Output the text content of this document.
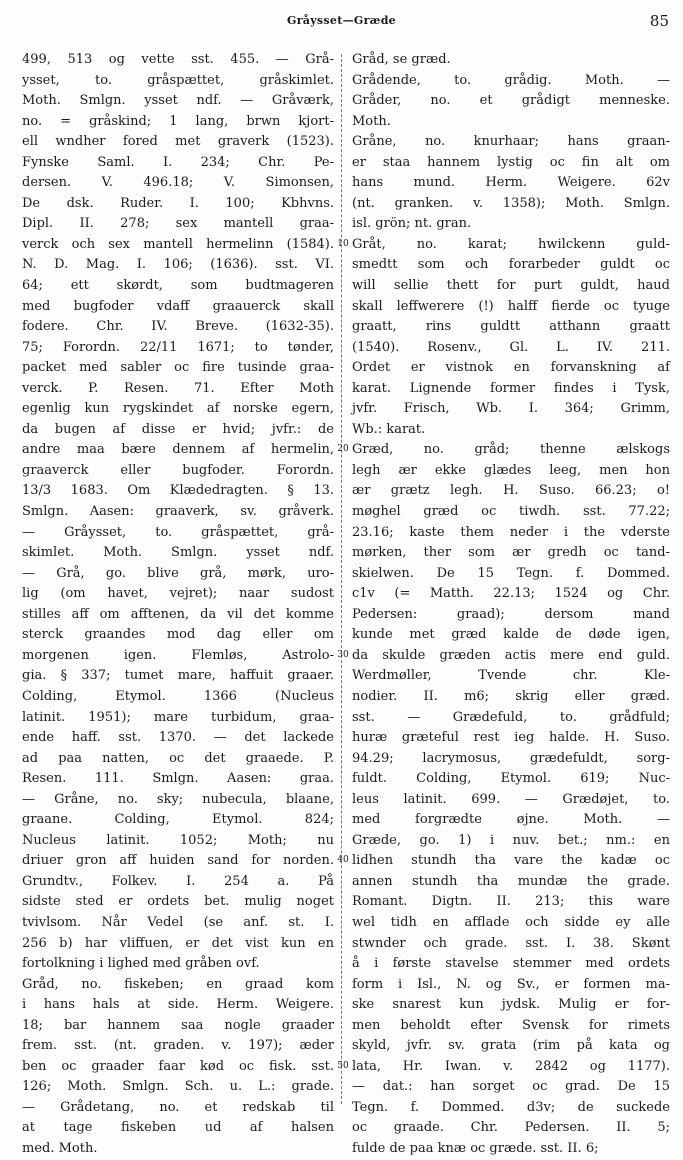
Gråysset—Græde	85
499, 513 og vette sst. 455. — Grå-
ysset, to. gråspættet, gråskimlet.
Moth. Smlgn. ysset ndf. — Gråværk,
no. = gråskind; 1 lang, brwn kjort-
ell wndher fored met graverk (1523).
Fynske Saml. I. 234; Chr. Pe-
dersen. V. 496.18; V. Simonsen,
De dsk. Ruder. I. 100; Kbhvns.
Dipl. II. 278; sex mantell graa-
verck och sex mantell hermelinn (1584).
N. D. Mag. I. 106; (1636). sst. VI.
64; ett skørdt, som budtmageren
med bugfoder vdaff graauerck skall
fodere. Chr. IV. Breve. (1632-35).
75; Forordn. 22/11 1671; to tønder,
packet med sabler oc fire tusinde graa-
verck. P. Resen. 71. Efter Moth
egenlig kun rygskindet af norske egern,
da bugen af disse er hvid; jvfr.: de
andre maa bære dennem af hermelin,
graaverck eller bugfoder. Forordn.
13/3 1683. Om Klædedragten. § 13.
Smlgn. Aasen: graaverk, sv. gråverk.
— Gråysset, to. gråspættet, grå-
skimlet. Moth. Smlgn. ysset ndf.
— Grå, go. blive grå, mørk, uro-
lig (om havet, vejret); naar sudost
stilles aff om afftenen, da vil det komme
sterck graandes mod dag eller om
morgenen igen. Flemløs, Astrolo-
gia. § 337; tumet mare, haffuit graaer.
Colding, Etymol. 1366 (Nucleus
latinit. 1951); mare turbidum, graa-
ende haff. sst. 1370. — det lackede
ad paa natten, oc det graaede. P.
Resen. 111. Smlgn. Aasen: graa.
— Gråne, no. sky; nubecula, blaane,
graane. Colding, Etymol. 824;
Nucleus latinit. 1052; Moth; nu
driuer gron aff huiden sand for norden.
Grundtv., Folkev. I. 254 a. På
sidste sted er ordets bet. mulig noget
tvivlsom. Når Vedel (se anf. st. I.
256 b) har vliffuen, er det vist kun en
fortolkning i lighed med gråben ovf.
Gråd, no. fiskeben; en graad kom
i hans hals at side. Herm. Weigere.
18; bar hannem saa nogle graader
frem. sst. (nt. graden. v. 197); æder
ben oc graader faar kød oc fisk. sst.
126; Moth. Smlgn. Sch. u. L.: grade.
— Grådetang, no. et redskab til
at tage fiskeben ud af halsen
med. Moth.
Gråd, se græd.
Grådende, to. grådig. Moth. —
Gråder, no. et grådigt menneske.
Moth.
Gråne, no. knurhaar; hans graan-
er staa hannem lystig oc fin alt om
hans mund. Herm. Weigere. 62v
(nt. granken. v. 1358); Moth. Smlgn.
isl. grön; nt. gran.
Gråt, no. karat; hwilckenn guld-
smedtt som och forarbeder guldt oc
will sellie thett for purt guldt, haud
skall leffwerere (!) halff fierde oc tyuge
graatt, rins guldtt atthann graatt
(1540). Rosenv., Gl. L. IV. 211.
Ordet er vistnok en forvanskning af
karat. Lignende former findes i Tysk,
jvfr. Frisch, Wb. I. 364; Grimm,
Wb.: karat.
Græd, no. gråd; thenne ælskogs
legh ær ekke glædes leeg, men hon
ær grætz legh. H. Suso. 66.23; o!
møghel græd oc tiwdh. sst. 77.22;
23.16; kaste them neder i the vderste
mørken, ther som ær gredh oc tand-
skielwen. De 15 Tegn. f. Dommed.
c1v (= Matth. 22.13; 1524 og Chr.
Pedersen: graad); dersom mand
kunde met græd kalde de døde igen,
da skulde græden actis mere end guld.
Werdmøller, Tvende chr. Kle-
nodier. II. m6; skrig eller græd.
sst. — Grædefuld, to. grådfuld;
huræ græteful rest ieg halde. H. Suso.
94.29; lacrymosus, grædefuldt, sorg-
fuldt. Colding, Etymol. 619; Nuc-
leus latinit. 699. — Grædøjet, to.
med forgrædte øjne. Moth. —
Græde, go. 1) i nuv. bet.; nm.: en
lidhen stundh tha vare the kadæ oc
annen stundh tha mundæ the grade.
Romant. Digtn. II. 213; this ware
wel tidh en afflade och sidde ey alle
stwnder och grade. sst. I. 38. Skønt
å i første stavelse stemmer med ordets
form i Isl., N. og Sv., er formen ma-
ske snarest kun jydsk. Mulig er for-
men beholdt efter Svensk for rimets
skyld, jvfr. sv. grata (rim på kata og
lata, Hr. Iwan. v. 2842 og 1177).
— dat.: han sorget oc grad. De 15
Tegn. f. Dommed. d3v; de suckede
oc graade. Chr. Pedersen. II. 5;
fulde de paa knæ oc græde. sst. II. 6;
10
20
30
40
50
